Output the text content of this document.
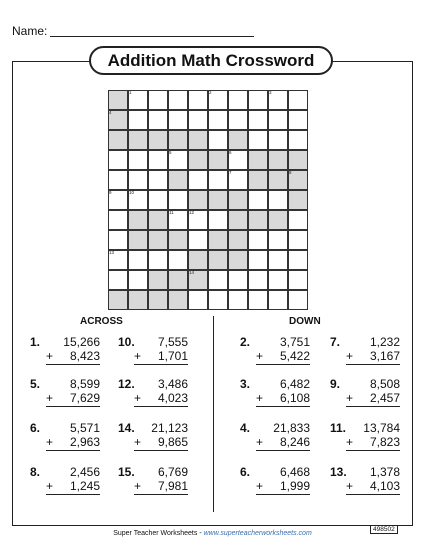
Name:
Addition Math Crossword
1	2	3
4
5	6
7	8
9	10
11	12
13
14
ACROSS	DOWN
1. 15,266
+ 8,423
10. 7,555
+ 1,701
5. 8,599
+ 7,629
12. 3,486
+ 4,023
6. 5,571
+ 2,963
14. 21,123
+ 9,865
8. 2,456
+ 1,245
15. 6,769
+ 7,981
2. 3,751
+ 5,422
7. 1,232
+ 3,167
3. 6,482
+ 6,108
9. 8,508
+ 2,457
4. 21,833
+ 8,246
11. 13,784
+ 7,823
6. 6,468
+ 1,999
13. 1,378
+ 4,103
Super Teacher Worksheets - www.superteacherworksheets.com
498502
